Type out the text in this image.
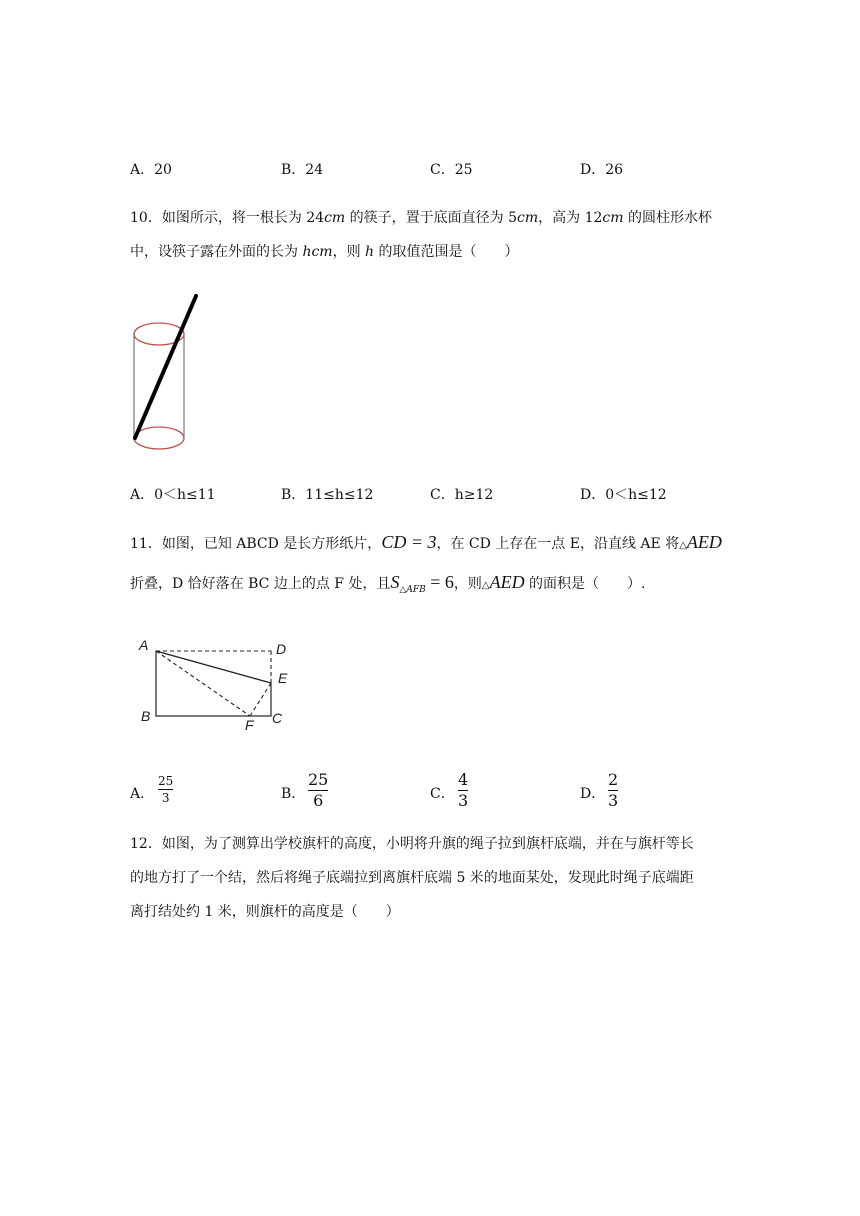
A．20	B．24	C．25	D．26
10．如图所示，将一根长为 24cm 的筷子，置于底面直径为 5cm，高为 12cm 的圆柱形水杯
中，设筷子露在外面的长为 hcm，则 h 的取值范围是（　　）
A．0＜h≤11	B．11≤h≤12	C．h≥12	D．0＜h≤12
11．如图，已知 ABCD 是长方形纸片，CD = 3，在 CD 上存在一点 E，沿直线 AE 将△AED
折叠，D 恰好落在 BC 边上的点 F 处，且$S_{\triangle AFB} = 6$，则△AED 的面积是（　　）.
A	D
E
B	C
F
A．
25
3	B．
25
6	C．
4
3	D．
2
3
12．如图，为了测算出学校旗杆的高度，小明将升旗的绳子拉到旗杆底端，并在与旗杆等长
的地方打了一个结，然后将绳子底端拉到离旗杆底端 5 米的地面某处，发现此时绳子底端距
离打结处约 1 米，则旗杆的高度是（　　）
